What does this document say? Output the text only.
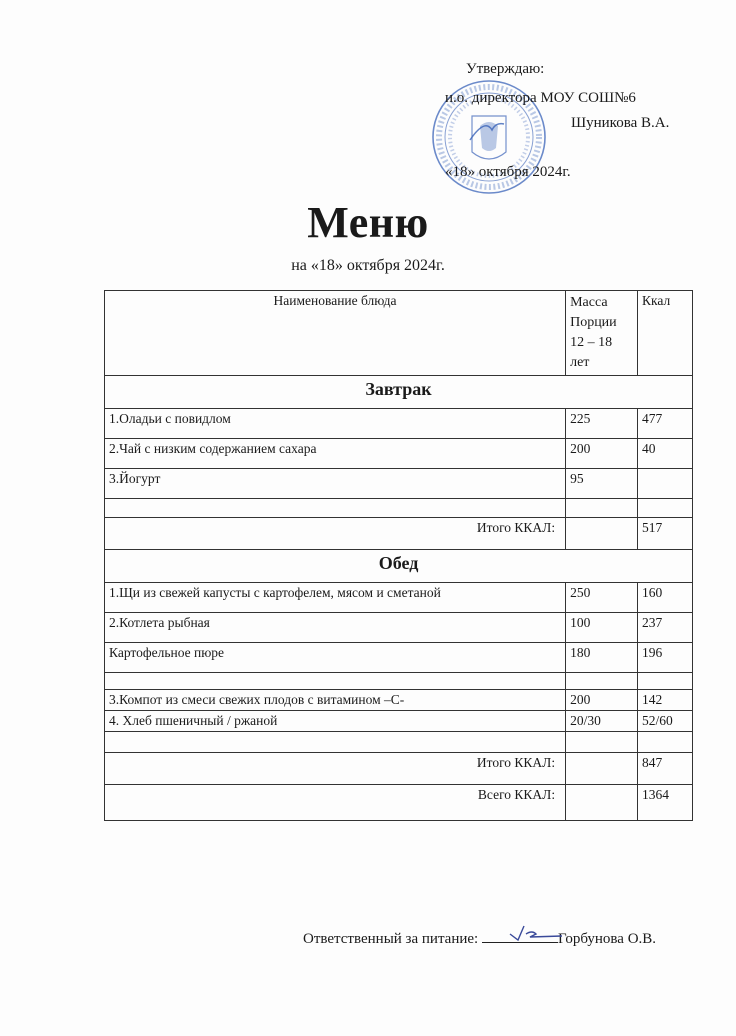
Утверждаю:
и.о. директора МОУ СОШ№6
Шуникова В.А.
«18» октября 2024г.
Меню
на «18» октября 2024г.
Наименование блюда	Масса
Порции
12 – 18
лет	Ккал
Завтрак		
1.Оладьи с повидлом	225	477
2.Чай с низким содержанием сахара	200	40
3.Йогурт	95	

Итого ККАЛ:		517
Обед		
1.Щи из свежей капусты с картофелем, мясом и сметаной	250	160
2.Котлета рыбная	100	237
Картофельное пюре	180	196

3.Компот из смеси свежих плодов с витамином –С-	200	142
4. Хлеб пшеничный / ржаной	20/30	52/60

Итого ККАЛ:		847
Всего ККАЛ:		1364
Ответственный за питание:	Горбунова О.В.
